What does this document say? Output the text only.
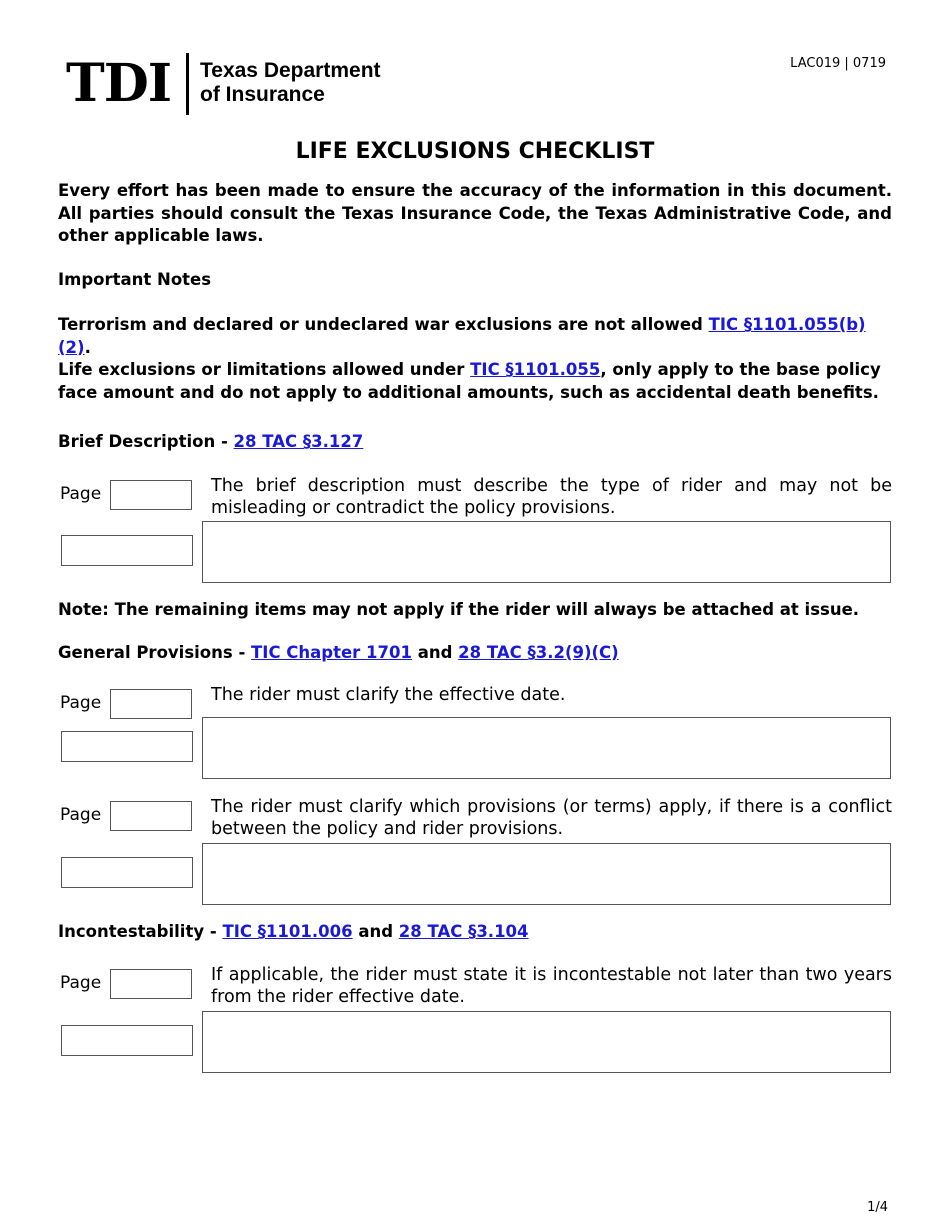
TDI Texas Department
of Insurance
LAC019 | 0719
LIFE EXCLUSIONS CHECKLIST
Every effort has been made to ensure the accuracy of the information in this document. All parties should consult the Texas Insurance Code, the Texas Administrative Code, and other applicable laws.
Important Notes
Terrorism and declared or undeclared war exclusions are not allowed TIC §1101.055(b)(2).
Life exclusions or limitations allowed under TIC §1101.055, only apply to the base policy face amount and do not apply to additional amounts, such as accidental death benefits.
Brief Description - 28 TAC §3.127
Page	The brief description must describe the type of rider and may not be misleading or contradict the policy provisions.
Note: The remaining items may not apply if the rider will always be attached at issue.
General Provisions - TIC Chapter 1701 and 28 TAC §3.2(9)(C)
Page	The rider must clarify the effective date.
Page	The rider must clarify which provisions (or terms) apply, if there is a conflict between the policy and rider provisions.
Incontestability - TIC §1101.006 and 28 TAC §3.104
Page	If applicable, the rider must state it is incontestable not later than two years from the rider effective date.
1/4
